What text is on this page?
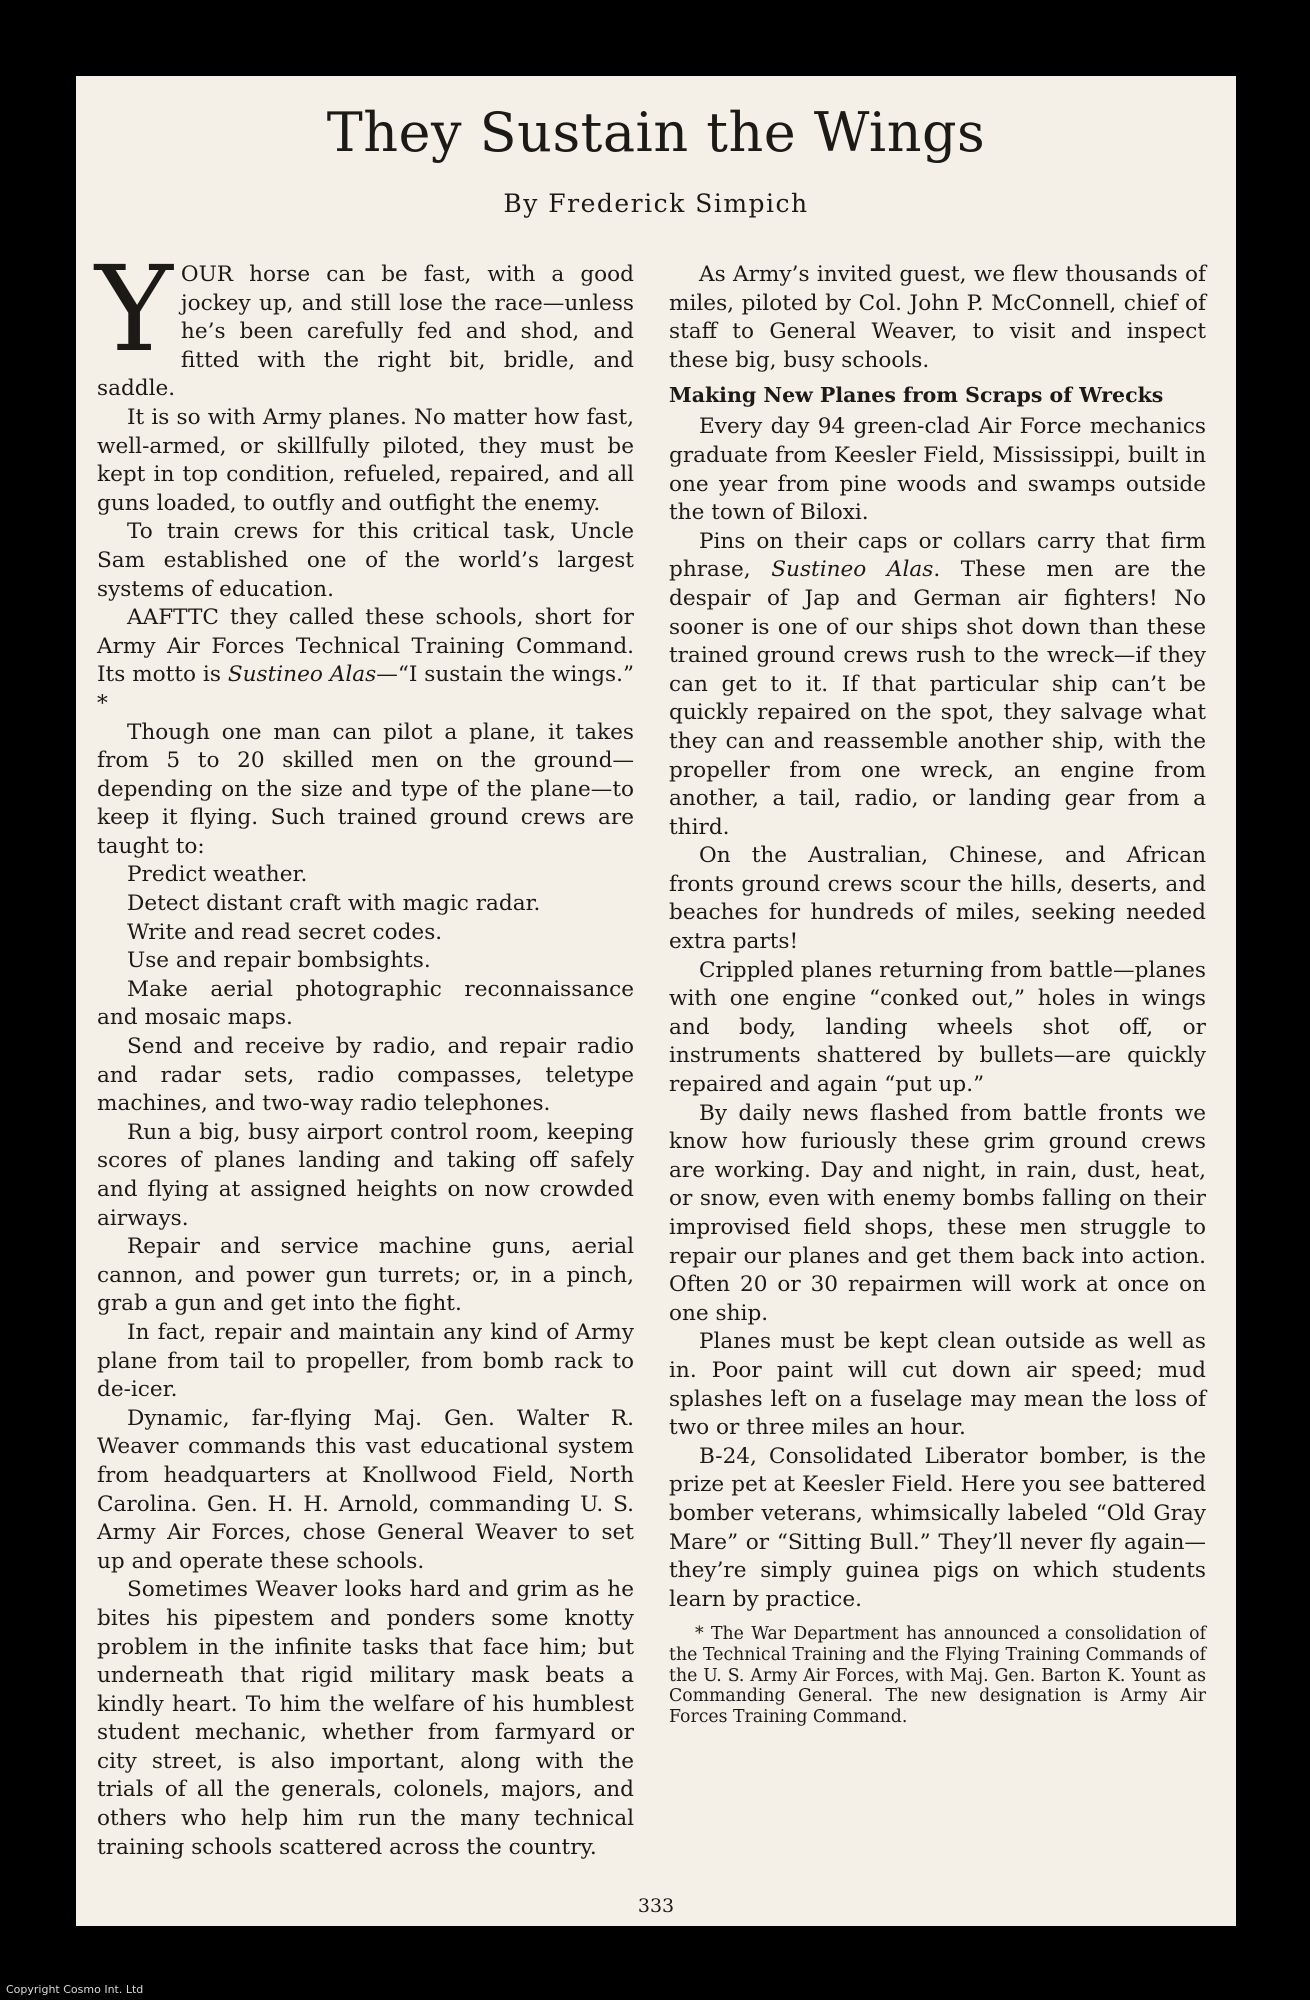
They Sustain the Wings
By Frederick Simpich

YOUR horse can be fast, with a good jockey up, and still lose the race—unless he’s been carefully fed and shod, and fitted with the right bit, bridle, and saddle.

It is so with Army planes. No matter how fast, well-armed, or skillfully piloted, they must be kept in top condition, refueled, repaired, and all guns loaded, to outfly and outfight the enemy.

To train crews for this critical task, Uncle Sam established one of the world’s largest systems of education.

AAFTTC they called these schools, short for Army Air Forces Technical Training Command. Its motto is Sustineo Alas—“I sustain the wings.” *

Though one man can pilot a plane, it takes from 5 to 20 skilled men on the ground—depending on the size and type of the plane—to keep it flying. Such trained ground crews are taught to:

Predict weather.

Detect distant craft with magic radar.

Write and read secret codes.

Use and repair bombsights.

Make aerial photographic reconnaissance and mosaic maps.

Send and receive by radio, and repair radio and radar sets, radio compasses, teletype machines, and two-way radio telephones.

Run a big, busy airport control room, keeping scores of planes landing and taking off safely and flying at assigned heights on now crowded airways.

Repair and service machine guns, aerial cannon, and power gun turrets; or, in a pinch, grab a gun and get into the fight.

In fact, repair and maintain any kind of Army plane from tail to propeller, from bomb rack to de-icer.

Dynamic, far-flying Maj. Gen. Walter R. Weaver commands this vast educational system from headquarters at Knollwood Field, North Carolina. Gen. H. H. Arnold, commanding U. S. Army Air Forces, chose General Weaver to set up and operate these schools.

Sometimes Weaver looks hard and grim as he bites his pipestem and ponders some knotty problem in the infinite tasks that face him; but underneath that rigid military mask beats a kindly heart. To him the welfare of his humblest student mechanic, whether from farmyard or city street, is also important, along with the trials of all the generals, colonels, majors, and others who help him run the many technical training schools scattered across the country.

As Army’s invited guest, we flew thousands of miles, piloted by Col. John P. McConnell, chief of staff to General Weaver, to visit and inspect these big, busy schools.

Making New Planes from Scraps of Wrecks

Every day 94 green-clad Air Force mechanics graduate from Keesler Field, Mississippi, built in one year from pine woods and swamps outside the town of Biloxi.

Pins on their caps or collars carry that firm phrase, Sustineo Alas. These men are the despair of Jap and German air fighters! No sooner is one of our ships shot down than these trained ground crews rush to the wreck—if they can get to it. If that particular ship can’t be quickly repaired on the spot, they salvage what they can and reassemble another ship, with the propeller from one wreck, an engine from another, a tail, radio, or landing gear from a third.

On the Australian, Chinese, and African fronts ground crews scour the hills, deserts, and beaches for hundreds of miles, seeking needed extra parts!

Crippled planes returning from battle—planes with one engine “conked out,” holes in wings and body, landing wheels shot off, or instruments shattered by bullets—are quickly repaired and again “put up.”

By daily news flashed from battle fronts we know how furiously these grim ground crews are working. Day and night, in rain, dust, heat, or snow, even with enemy bombs falling on their improvised field shops, these men struggle to repair our planes and get them back into action. Often 20 or 30 repairmen will work at once on one ship.

Planes must be kept clean outside as well as in. Poor paint will cut down air speed; mud splashes left on a fuselage may mean the loss of two or three miles an hour.

B-24, Consolidated Liberator bomber, is the prize pet at Keesler Field. Here you see battered bomber veterans, whimsically labeled “Old Gray Mare” or “Sitting Bull.” They’ll never fly again—they’re simply guinea pigs on which students learn by practice.

* The War Department has announced a consolidation of the Technical Training and the Flying Training Commands of the U. S. Army Air Forces, with Maj. Gen. Barton K. Yount as Commanding General. The new designation is Army Air Forces Training Command.

333
Copyright Cosmo Int. Ltd
